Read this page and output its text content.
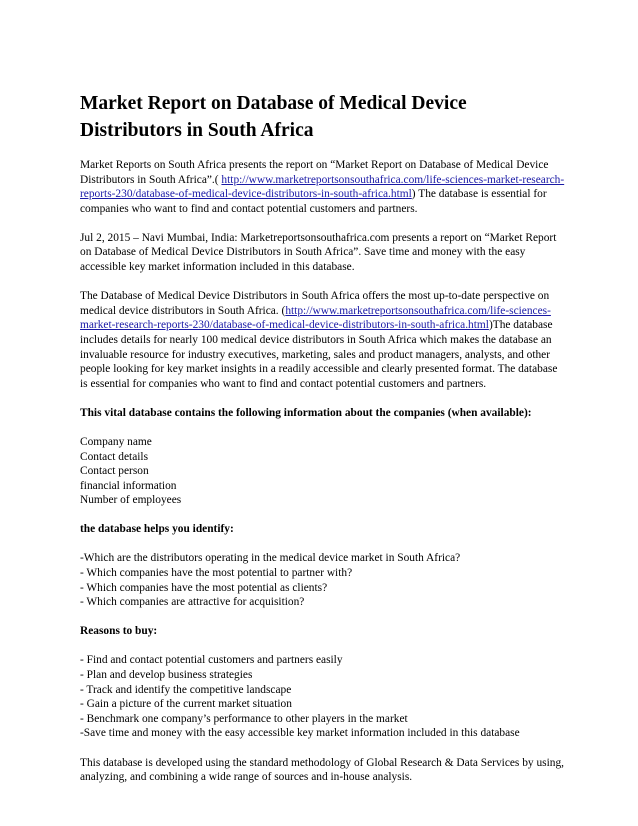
Market Report on Database of Medical Device Distributors in South Africa

Market Reports on South Africa presents the report on “Market Report on Database of Medical Device Distributors in South Africa”.( http://www.marketreportsonsouthafrica.com/life-sciences-market-research-reports-230/database-of-medical-device-distributors-in-south-africa.html) The database is essential for companies who want to find and contact potential customers and partners.

Jul 2, 2015 – Navi Mumbai, India: Marketreportsonsouthafrica.com presents a report on “Market Report on Database of Medical Device Distributors in South Africa”. Save time and money with the easy accessible key market information included in this database.

The Database of Medical Device Distributors in South Africa offers the most up-to-date perspective on medical device distributors in South Africa. (http://www.marketreportsonsouthafrica.com/life-sciences-market-research-reports-230/database-of-medical-device-distributors-in-south-africa.html)The database includes details for nearly 100 medical device distributors in South Africa which makes the database an invaluable resource for industry executives, marketing, sales and product managers, analysts, and other people looking for key market insights in a readily accessible and clearly presented format. The database is essential for companies who want to find and contact potential customers and partners.

This vital database contains the following information about the companies (when available):

Company name
Contact details
Contact person
financial information
Number of employees

the database helps you identify:

-Which are the distributors operating in the medical device market in South Africa?
- Which companies have the most potential to partner with?
- Which companies have the most potential as clients?
- Which companies are attractive for acquisition?

Reasons to buy:

- Find and contact potential customers and partners easily
- Plan and develop business strategies
- Track and identify the competitive landscape
- Gain a picture of the current market situation
- Benchmark one company’s performance to other players in the market
-Save time and money with the easy accessible key market information included in this database

This database is developed using the standard methodology of Global Research & Data Services by using, analyzing, and combining a wide range of sources and in-house analysis.
